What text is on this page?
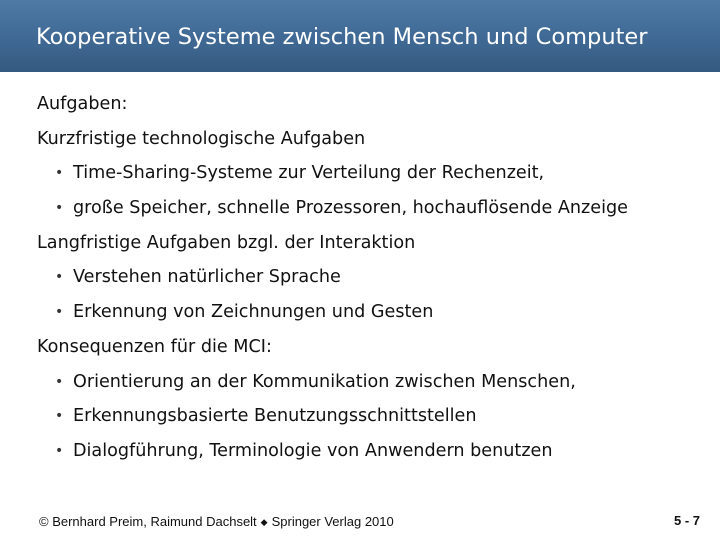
Kooperative Systeme zwischen Mensch und Computer
Aufgaben:
Kurzfristige technologische Aufgaben
• Time-Sharing-Systeme zur Verteilung der Rechenzeit,
• große Speicher, schnelle Prozessoren, hochauflösende Anzeige
Langfristige Aufgaben bzgl. der Interaktion
• Verstehen natürlicher Sprache
• Erkennung von Zeichnungen und Gesten
Konsequenzen für die MCI:
• Orientierung an der Kommunikation zwischen Menschen,
• Erkennungsbasierte Benutzungsschnittstellen
• Dialogführung, Terminologie von Anwendern benutzen
© Bernhard Preim, Raimund Dachselt ◆ Springer Verlag 2010	5 - 7
